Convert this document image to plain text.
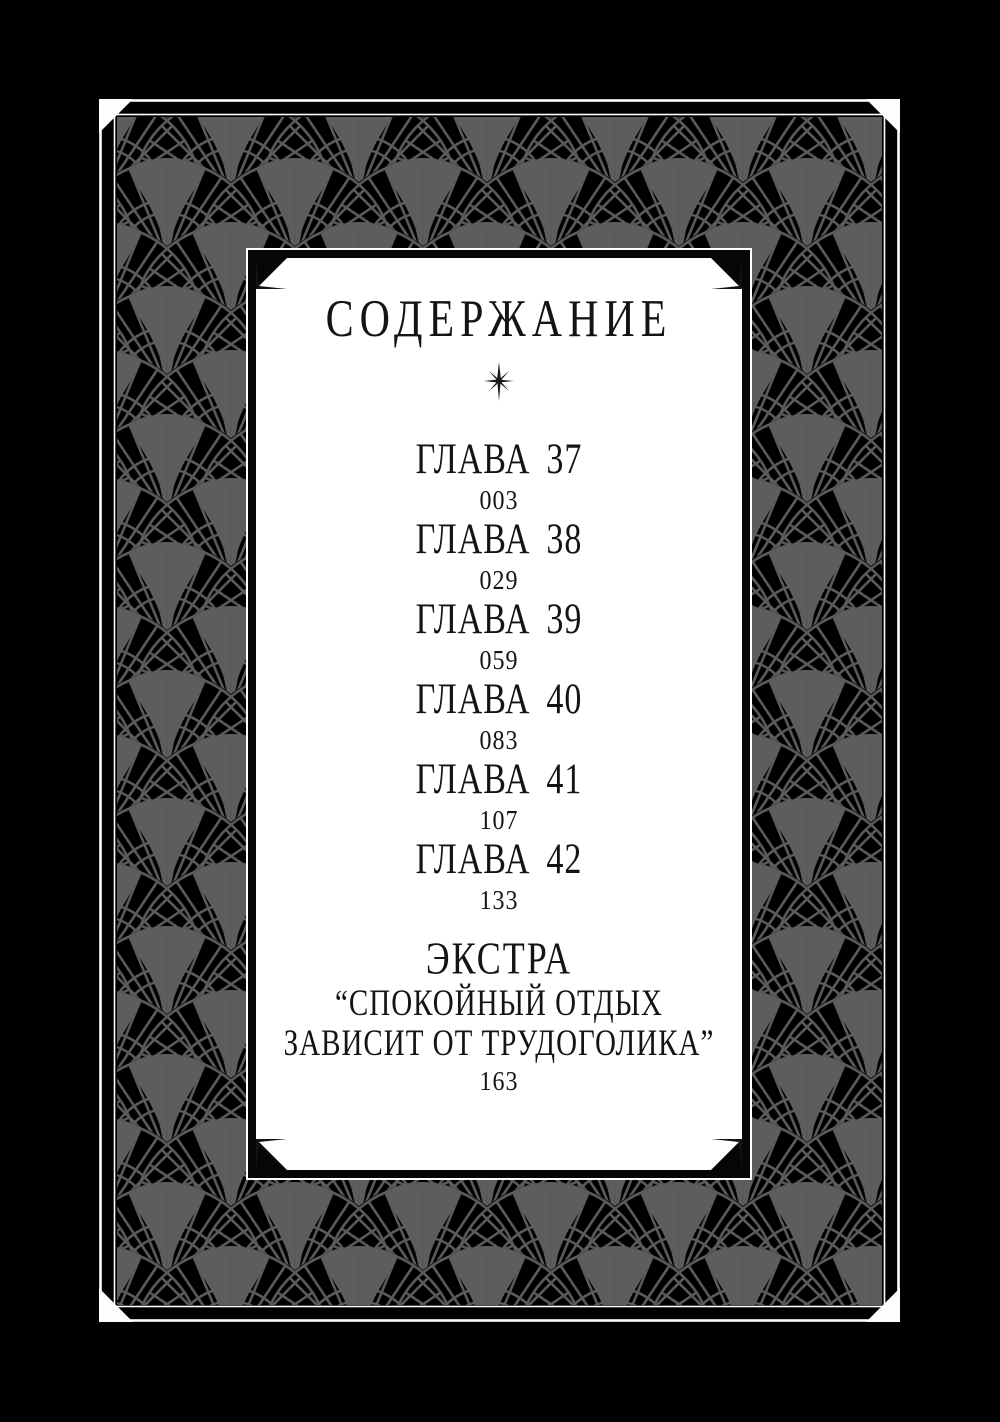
СОДЕРЖАНИЕ
ГЛАВА 37
003
ГЛАВА 38
029
ГЛАВА 39
059
ГЛАВА 40
083
ГЛАВА 41
107
ГЛАВА 42
133
ЭКСТРА
“СПОКОЙНЫЙ ОТДЫХ
ЗАВИСИТ ОТ ТРУДОГОЛИКА”
163
